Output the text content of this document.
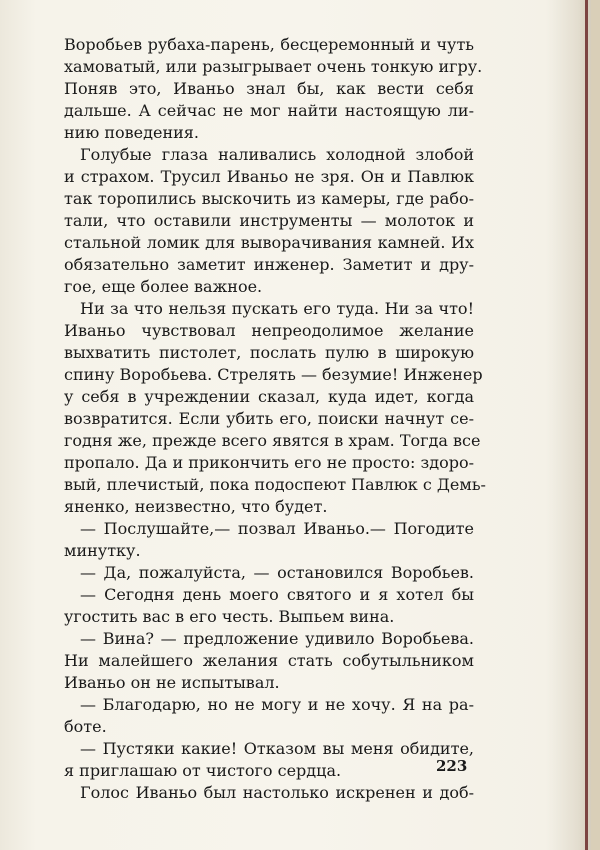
Воробьев рубаха-парень, бесцеремонный и чуть
хамоватый, или разыгрывает очень тонкую игру.
Поняв это, Иваньо знал бы, как вести себя
дальше. А сейчас не мог найти настоящую ли-
нию поведения.
Голубые глаза наливались холодной злобой
и страхом. Трусил Иваньо не зря. Он и Павлюк
так торопились выскочить из камеры, где рабо-
тали, что оставили инструменты — молоток и
стальной ломик для выворачивания камней. Их
обязательно заметит инженер. Заметит и дру-
гое, еще более важное.
Ни за что нельзя пускать его туда. Ни за что!
Иваньо чувствовал непреодолимое желание
выхватить пистолет, послать пулю в широкую
спину Воробьева. Стрелять — безумие! Инженер
у себя в учреждении сказал, куда идет, когда
возвратится. Если убить его, поиски начнут се-
годня же, прежде всего явятся в храм. Тогда все
пропало. Да и прикончить его не просто: здоро-
вый, плечистый, пока подоспеют Павлюк с Демь-
яненко, неизвестно, что будет.
— Послушайте,— позвал Иваньо.— Погодите
минутку.
— Да, пожалуйста, — остановился Воробьев.
— Сегодня день моего святого и я хотел бы
угостить вас в его честь. Выпьем вина.
— Вина? — предложение удивило Воробьева.
Ни малейшего желания стать собутыльником
Иваньо он не испытывал.
— Благодарю, но не могу и не хочу. Я на ра-
боте.
— Пустяки какие! Отказом вы меня обидите,
я приглашаю от чистого сердца.
Голос Иваньо был настолько искренен и доб-
223
